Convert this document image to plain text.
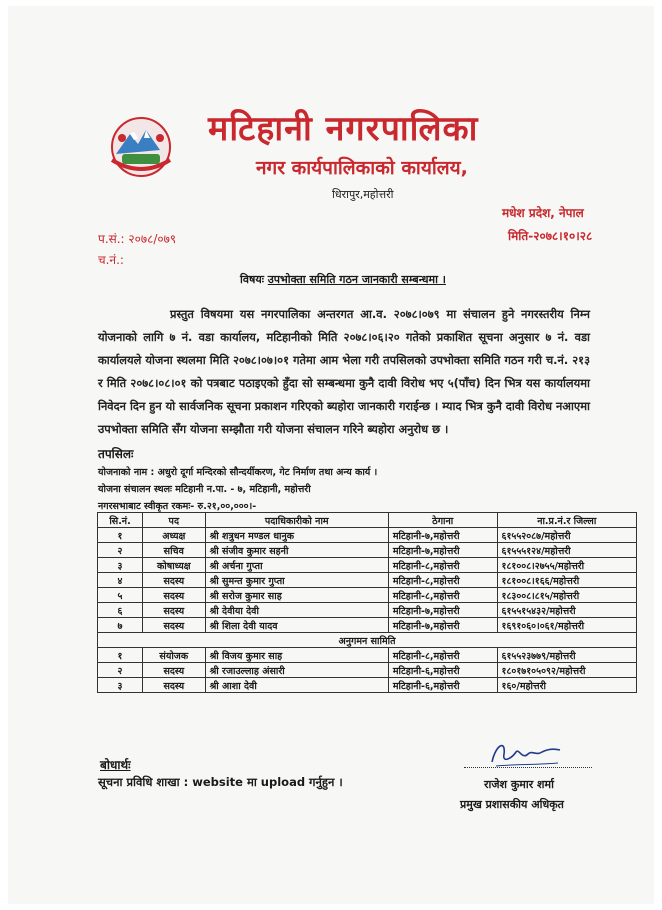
मटिहानी नगरपालिका
नगर कार्यपालिकाको कार्यालय,
धिरापुर,महोत्तरी
मधेश प्रदेश, नेपाल
मिति-२०७८।१०।२८
प.सं.: २०७८/०७९
च.नं.:
विषयः उपभोक्ता समिति गठन जानकारी सम्बन्धमा ।
प्रस्तुत विषयमा यस नगरपालिका अन्तरगत आ.व. २०७८।०७९ मा संचालन हुने नगरस्तरीय निम्न योजनाको लागि ७ नं. वडा कार्यालय, मटिहानीको मिति २०७८।०६।२० गतेको प्रकाशित सूचना अनुसार ७ नं. वडा कार्यालयले योजना स्थलमा मिति २०७८।०७।०१ गतेमा आम भेला गरी तपसिलको उपभोक्ता समिति गठन गरी च.नं. २१३ र मिति २०७८।०८।०१ को पत्रबाट पठाइएको हुँदा सो सम्बन्धमा कुनै दावी विरोध भए ५(पाँच) दिन भित्र यस कार्यालयमा निवेदन दिन हुन यो सार्वजनिक सूचना प्रकाशन गरिएको ब्यहोरा जानकारी गराईन्छ । म्याद भित्र कुनै दावी विरोध नआएमा उपभोक्ता समिति सँग योजना सम्झौता गरी योजना संचालन गरिने ब्यहोरा अनुरोध छ ।
तपसिलः
योजनाको नाम : अधुरो दूर्गा मन्दिरको सौन्दर्यीकरण, गेट निर्माण तथा अन्य कार्य ।
योजना संचालन स्थलः मटिहानी न.पा. - ७, मटिहानी, महोत्तरी
नगरसभाबाट स्वीकृत रकमः- रु.२१,००,०००।-
सि.नं.	पद	पदाधिकारीको नाम	ठेगाना	ना.प्र.नं.र जिल्ला
१	अध्यक्ष	श्री शत्रुधन मण्डल धानुक	मटिहानी-७,महोत्तरी	६१५५२०८७/महोत्तरी
२	सचिव	श्री संजीव कुमार सहनी	मटिहानी-७,महोत्तरी	६१५५५१२४/महोत्तरी
३	कोषाध्यक्ष	श्री अर्चना गुप्ता	मटिहानी-८,महोत्तरी	१८१००८।२७५५/महोत्तरी
४	सदस्य	श्री सुमन्त कुमार गुप्ता	मटिहानी-८,महोत्तरी	१८१००८।१६६/महोत्तरी
५	सदस्य	श्री सरोज कुमार साह	मटिहानी-८,महोत्तरी	१८३००८।८१५/महोत्तरी
६	सदस्य	श्री देवीया देवी	मटिहानी-७,महोत्तरी	६१५५१५४३२/महोत्तरी
७	सदस्य	श्री शिला देवी यादव	मटिहानी-७,महोत्तरी	१६९१०६०।०६१/महोत्तरी
अनुगमन सामिति				
१	संयोजक	श्री विजय कुमार साह	मटिहानी-८,महोत्तरी	६१५५२३७७९/महोत्तरी
२	सदस्य	श्री रजाउल्लाह अंसारी	मटिहानी-६,महोत्तरी	१८०१७१०५०९२/महोत्तरी
३	सदस्य	श्री आशा देवी	मटिहानी-६,महोत्तरी	१६०/महोत्तरी
बोधार्थः
सूचना प्रविधि शाखा : website मा upload गर्नुहुन ।	राजेश कुमार शर्मा
प्रमुख प्रशासकीय अधिकृत
